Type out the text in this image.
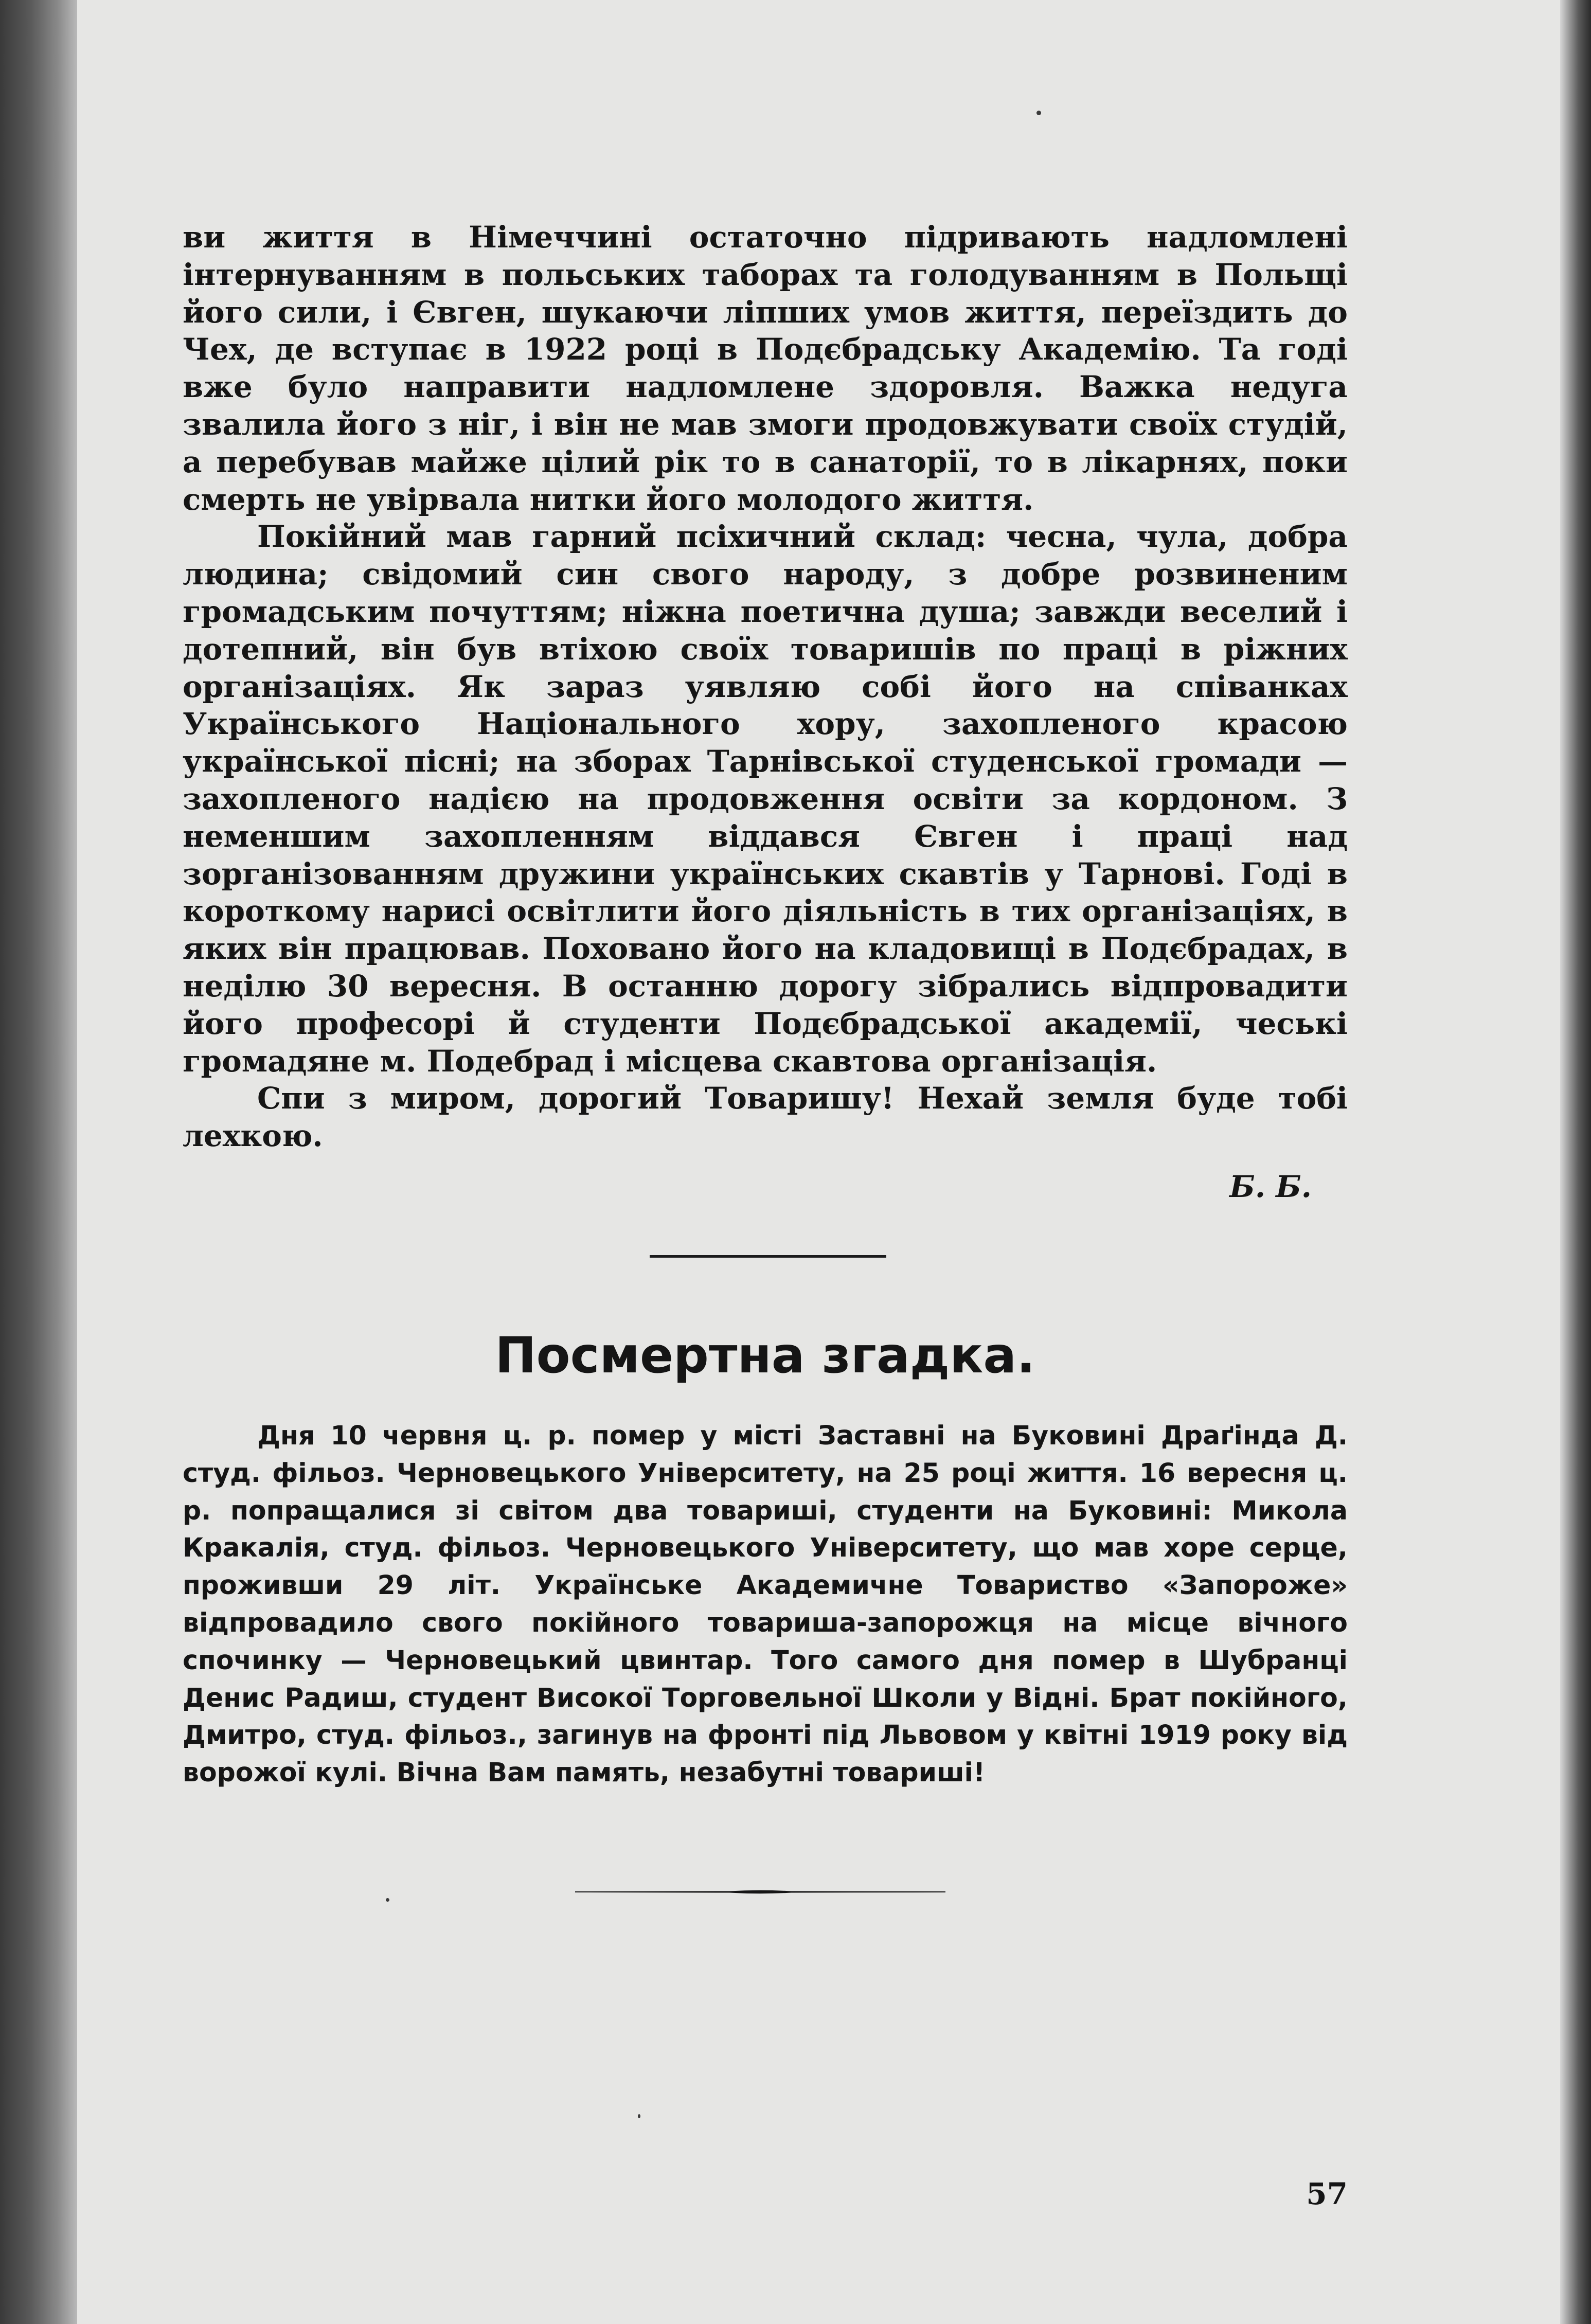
ви життя в Німеччині остаточно підривають надломлені інтернуванням в польських таборах та голодуванням в Польщі його сили, і Євген, шукаючи ліпших умов життя, переїздить до Чех, де вступає в 1922 році в Подєбрадську Академію. Та годі вже було направити надломлене здоровля. Важка недуга звалила його з ніг, і він не мав змоги продовжувати своїх студій, а перебував майже цілий рік то в санаторії, то в лікарнях, поки смерть не увірвала нитки його молодого життя.

Покійний мав гарний псіхичний склад: чесна, чула, добра людина; свідомий син свого народу, з добре розвиненим громадським почуттям; ніжна поетична душа; завжди веселий і дотепний, він був втіхою своїх товаришів по праці в ріжних організаціях. Як зараз уявляю собі його на співанках Українського Національного хору, захопленого красою української пісні; на зборах Тарнівської студенської громади — захопленого надією на продовження освіти за кордоном. З неменшим захопленням віддався Євген і праці над зорганізованням дружини українських скавтів у Тарнові. Годі в короткому нарисі освітлити його діяльність в тих організаціях, в яких він працював. Поховано його на кладовищі в Подєбрадах, в неділю 30 вересня. В останню дорогу зібрались відпровадити його професорі й студенти Подєбрадської академії, чеські громадяне м. Подебрад і місцева скавтова організація.

Спи з миром, дорогий Товаришу! Нехай земля буде тобі лехкою.

Б. Б.
Посмертна згадка.

Дня 10 червня ц. р. помер у місті Заставні на Буковині Драґінда Д. студ. фільоз. Черновецького Університету, на 25 році життя. 16 вересня ц. р. попращалися зі світом два товариші, студенти на Буковині: Микола Кракалія, студ. фільоз. Черновецького Університету, що мав хоре серце, проживши 29 літ. Українське Академичне Товариство «Запороже» відпровадило свого покійного товариша-запорожця на місце вічного спочинку — Черновецький цвинтар. Того самого дня помер в Шубранці Денис Радиш, студент Високої Торговельної Школи у Відні. Брат покійного, Дмитро, студ. фільоз., загинув на фронті під Львовом у квітні 1919 року від ворожої кулі. Вічна Вам память, незабутні товариші!

57
